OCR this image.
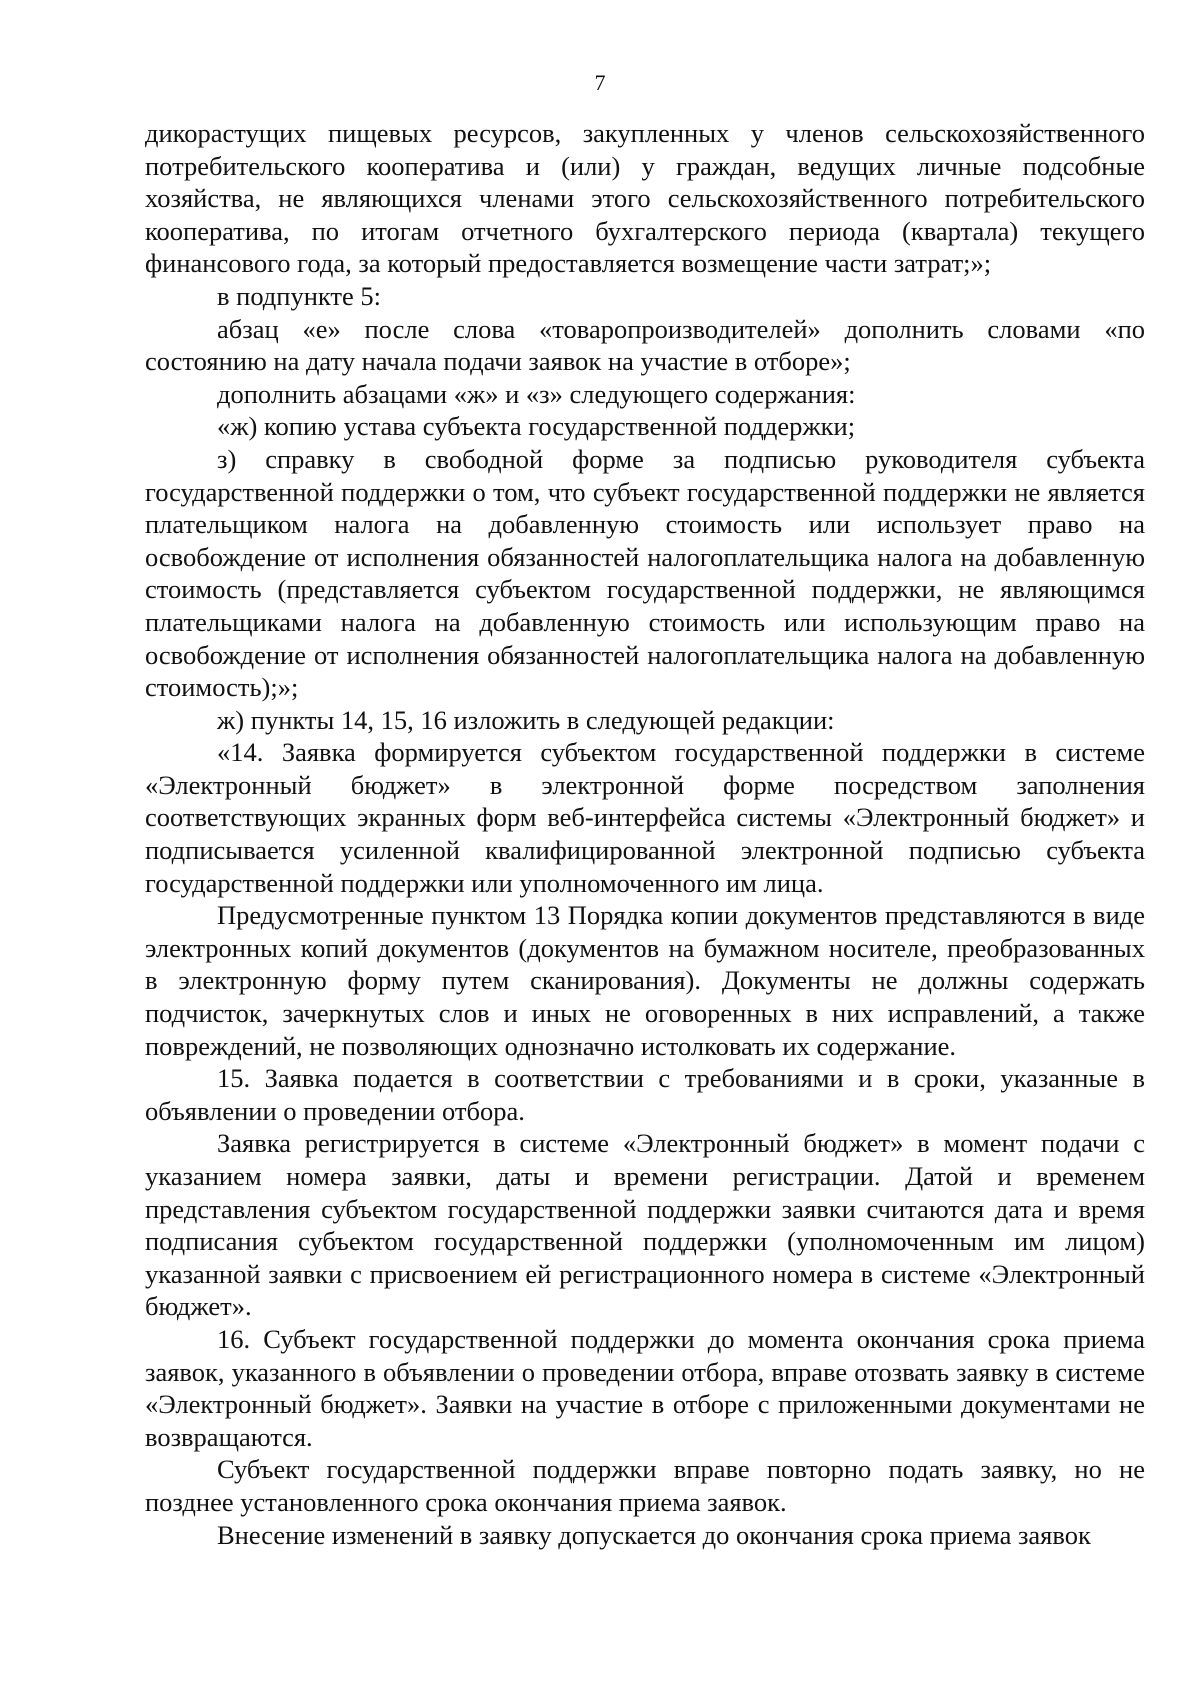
7

дикорастущих пищевых ресурсов, закупленных у членов сельскохозяйственного потребительского кооператива и (или) у граждан, ведущих личные подсобные хозяйства, не являющихся членами этого сельскохозяйственного потребительского кооператива, по итогам отчетного бухгалтерского периода (квартала) текущего финансового года, за который предоставляется возмещение части затрат;»;

в подпункте 5:

абзац «е» после слова «товаропроизводителей» дополнить словами «по состоянию на дату начала подачи заявок на участие в отборе»;

дополнить абзацами «ж» и «з» следующего содержания:

«ж) копию устава субъекта государственной поддержки;

з) справку в свободной форме за подписью руководителя субъекта государственной поддержки о том, что субъект государственной поддержки не является плательщиком налога на добавленную стоимость или использует право на освобождение от исполнения обязанностей налогоплательщика налога на добавленную стоимость (представляется субъектом государственной поддержки, не являющимся плательщиками налога на добавленную стоимость или использующим право на освобождение от исполнения обязанностей налогоплательщика налога на добавленную стоимость);»;

ж) пункты 14, 15, 16 изложить в следующей редакции:

«14. Заявка формируется субъектом государственной поддержки в системе «Электронный бюджет» в электронной форме посредством заполнения соответствующих экранных форм веб-интерфейса системы «Электронный бюджет» и подписывается усиленной квалифицированной электронной подписью субъекта государственной поддержки или уполномоченного им лица.

Предусмотренные пунктом 13 Порядка копии документов представляются в виде электронных копий документов (документов на бумажном носителе, преобразованных в электронную форму путем сканирования). Документы не должны содержать подчисток, зачеркнутых слов и иных не оговоренных в них исправлений, а также повреждений, не позволяющих однозначно истолковать их содержание.

15. Заявка подается в соответствии с требованиями и в сроки, указанные в объявлении о проведении отбора.

Заявка регистрируется в системе «Электронный бюджет» в момент подачи с указанием номера заявки, даты и времени регистрации. Датой и временем представления субъектом государственной поддержки заявки считаются дата и время подписания субъектом государственной поддержки (уполномоченным им лицом) указанной заявки с присвоением ей регистрационного номера в системе «Электронный бюджет».

16. Субъект государственной поддержки до момента окончания срока приема заявок, указанного в объявлении о проведении отбора, вправе отозвать заявку в системе «Электронный бюджет». Заявки на участие в отборе с приложенными документами не возвращаются.

Субъект государственной поддержки вправе повторно подать заявку, но не позднее установленного срока окончания приема заявок.

Внесение изменений в заявку допускается до окончания срока приема заявок
